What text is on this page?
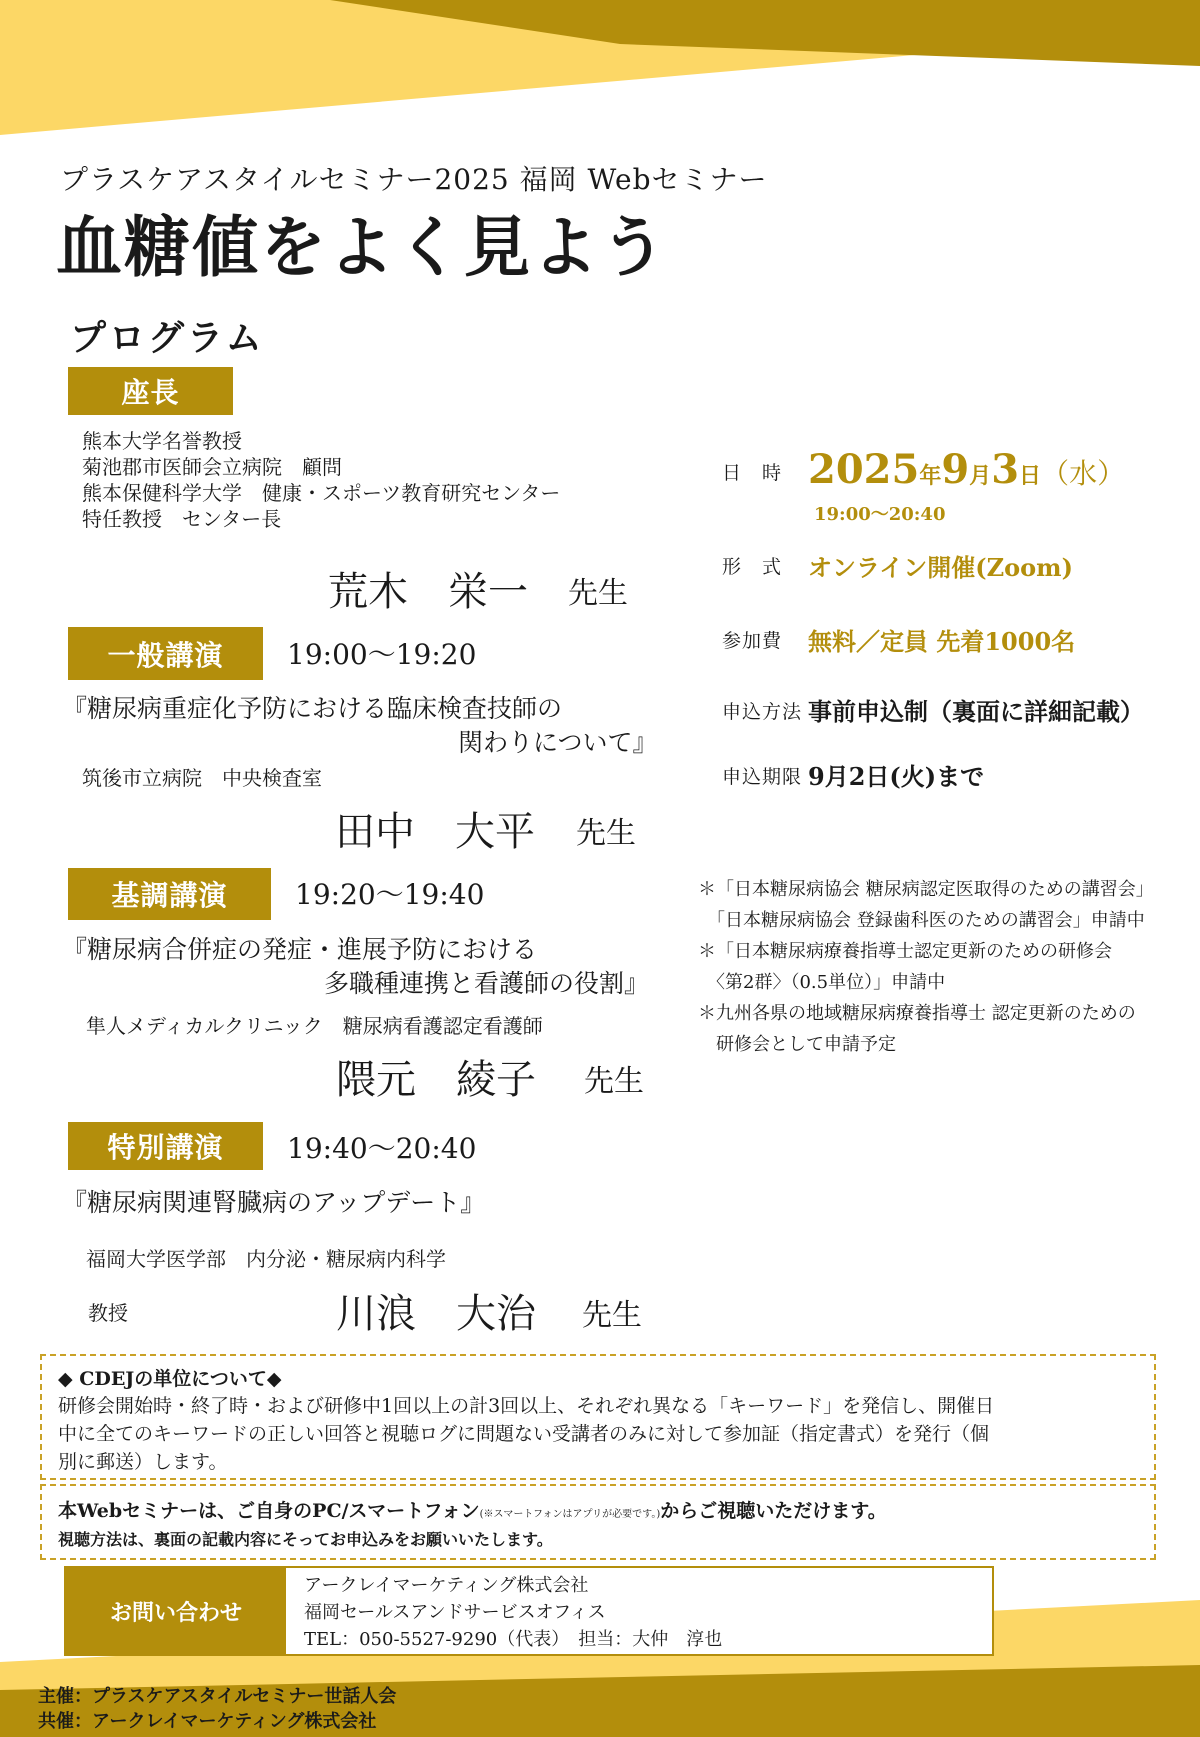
プラスケアスタイルセミナー2025 福岡 Webセミナー
血糖値をよく見よう
プログラム
座長
熊本大学名誉教授
菊池郡市医師会立病院　顧問
熊本保健科学大学　健康・スポーツ教育研究センター
特任教授　センター長
荒木　栄一 先生
一般講演	19:00〜19:20
『糖尿病重症化予防における臨床検査技師の
関わりについて』
筑後市立病院　中央検査室
田中　大平 先生
基調講演	19:20〜19:40
『糖尿病合併症の発症・進展予防における
多職種連携と看護師の役割』
隼人メディカルクリニック　糖尿病看護認定看護師
隈元　綾子 先生
特別講演	19:40〜20:40
『糖尿病関連腎臓病のアップデート』
福岡大学医学部　内分泌・糖尿病内科学
教授	川浪　大治 先生
日　時 2025年9月3日（水）
19:00〜20:40
形　式 オンライン開催(Zoom)
参加費 無料／定員 先着1000名
申込方法 事前申込制（裏面に詳細記載）
申込期限 9月2日(火)まで
＊「日本糖尿病協会 糖尿病認定医取得のための講習会」
　「日本糖尿病協会 登録歯科医のための講習会」申請中
＊「日本糖尿病療養指導士認定更新のための研修会
　〈第2群〉（0.5単位）」申請中
＊九州各県の地域糖尿病療養指導士 認定更新のための
　研修会として申請予定
◆ CDEJの単位について◆
研修会開始時・終了時・および研修中1回以上の計3回以上、それぞれ異なる「キーワード」を発信し、開催日
中に全てのキーワードの正しい回答と視聴ログに問題ない受講者のみに対して参加証（指定書式）を発行（個
別に郵送）します。
本Webセミナーは、ご自身のPC/スマートフォン(※スマートフォンはアプリが必要です。)からご視聴いただけます。
視聴方法は、裏面の記載内容にそってお申込みをお願いいたします。
お問い合わせ
アークレイマーケティング株式会社
福岡セールスアンドサービスオフィス
TEL：050-5527-9290（代表）　担当：大仲　淳也
主催：プラスケアスタイルセミナー世話人会
共催：アークレイマーケティング株式会社
